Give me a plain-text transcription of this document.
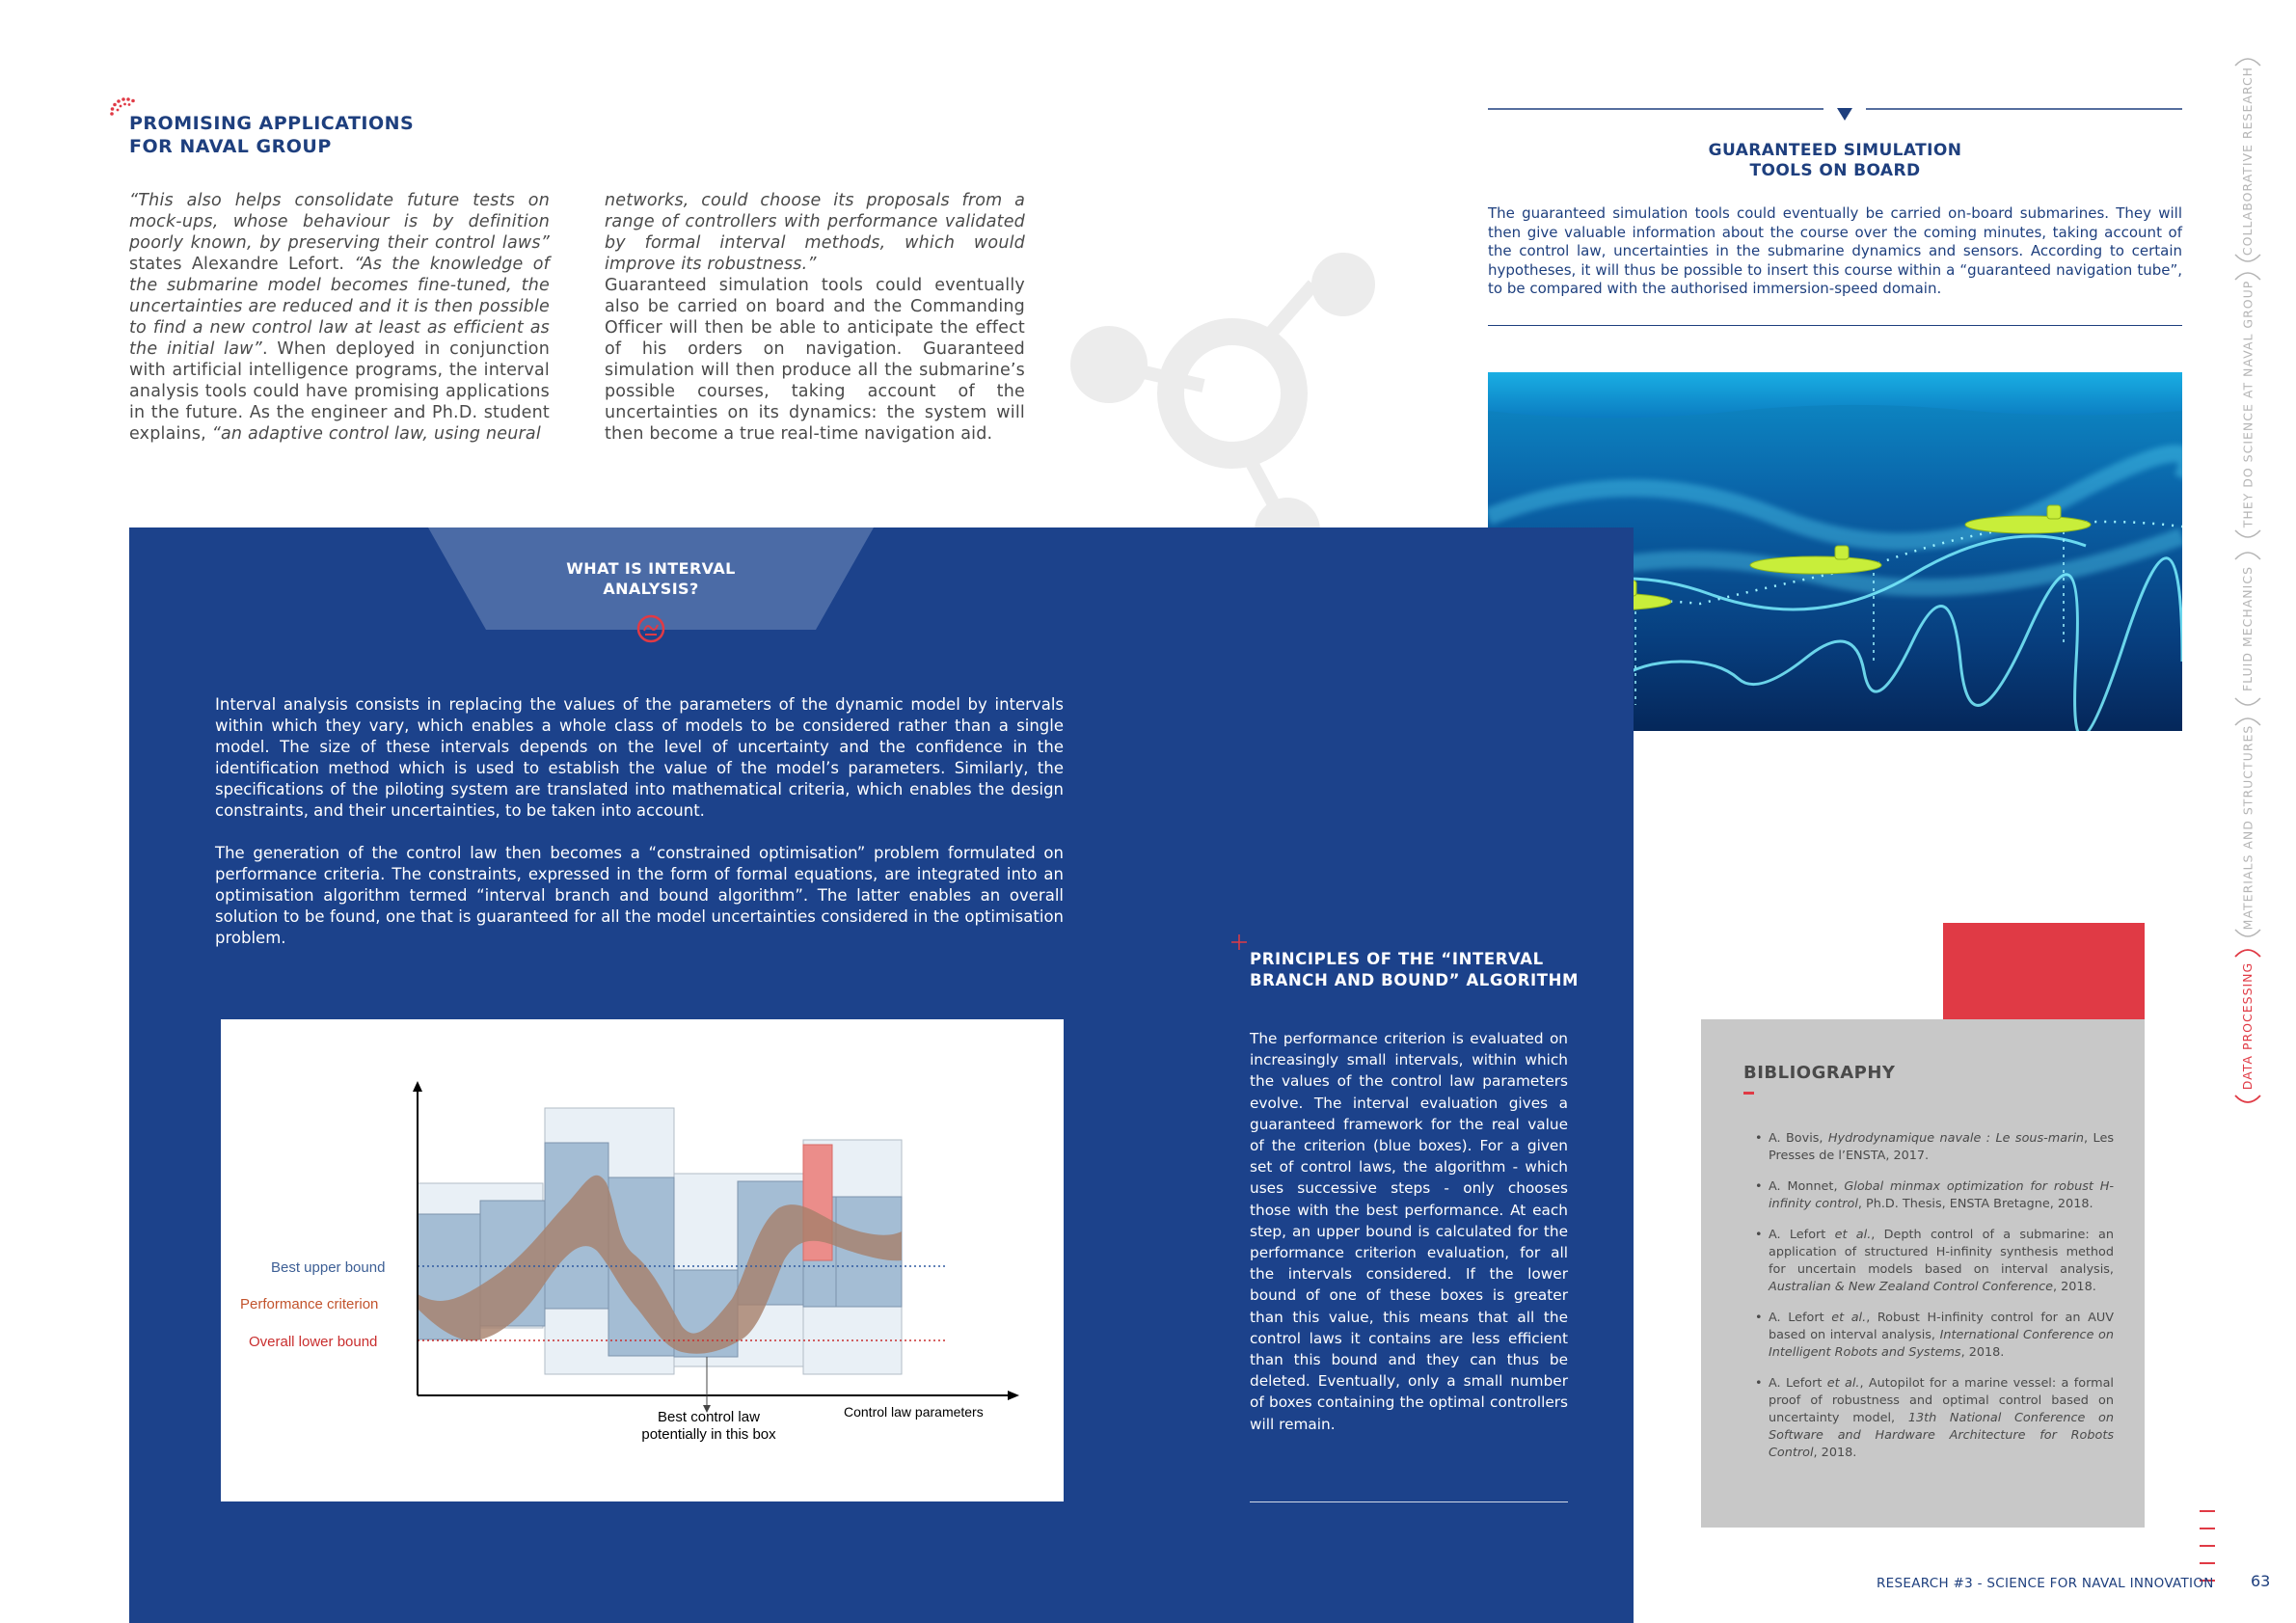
PROMISING APPLICATIONS
FOR NAVAL GROUP

“This also helps consolidate future tests on mock-ups, whose behaviour is by definition poorly known, by preserving their control laws” states Alexandre Lefort. “As the knowledge of the submarine model becomes fine-tuned, the uncertainties are reduced and it is then possible to find a new control law at least as efficient as the initial law”. When deployed in conjunction with artificial intelligence programs, the interval analysis tools could have promising applications in the future. As the engineer and Ph.D. student explains, “an adaptive control law, using neural

networks, could choose its proposals from a range of controllers with performance validated by formal interval methods, which would improve its robustness.”

Guaranteed simulation tools could eventually also be carried on board and the Commanding Officer will then be able to anticipate the effect of his orders on navigation. Guaranteed simulation will then produce all the submarine’s possible courses, taking account of the uncertainties on its dynamics: the system will then become a true real-time navigation aid.

GUARANTEED SIMULATION
TOOLS ON BOARD
The guaranteed simulation tools could eventually be carried on-board submarines. They will then give valuable information about the course over the coming minutes, taking account of the control law, uncertainties in the submarine dynamics and sensors. According to certain hypotheses, it will thus be possible to insert this course within a “guaranteed navigation tube”, to be compared with the authorised immersion-speed domain.
WHAT IS INTERVAL
ANALYSIS?

Interval analysis consists in replacing the values of the parameters of the dynamic model by intervals within which they vary, which enables a whole class of models to be considered rather than a single model. The size of these intervals depends on the level of uncertainty and the confidence in the identification method which is used to establish the value of the model’s parameters. Similarly, the specifications of the piloting system are translated into mathematical criteria, which enables the design constraints, and their uncertainties, to be taken into account.

The generation of the control law then becomes a “constrained optimisation” problem formulated on performance criteria. The constraints, expressed in the form of formal equations, are integrated into an optimisation algorithm termed “interval branch and bound algorithm”. The latter enables an overall solution to be found, one that is guaranteed for all the model uncertainties considered in the optimisation problem.

Best upper bound
Performance criterion
Overall lower bound
Best control law
potentially in this box
Control law parameters
PRINCIPLES OF THE “INTERVAL
BRANCH AND BOUND” ALGORITHM
The performance criterion is evaluated on increasingly small intervals, within which the values of the control law parameters evolve. The interval evaluation gives a guaranteed framework for the real value of the criterion (blue boxes). For a given set of control laws, the algorithm - which uses successive steps - only chooses those with the best performance. At each step, an upper bound is calculated for the performance criterion evaluation, for all the intervals considered. If the lower bound of one of these boxes is greater than this value, this means that all the control laws it contains are less efficient than this bound and they can thus be deleted. Eventually, only a small number of boxes containing the optimal controllers will remain.
BIBLIOGRAPHY
• A. Bovis, Hydrodynamique navale : Le sous-marin, Les Presses de l’ENSTA, 2017.
• A. Monnet, Global minmax optimization for robust H-infinity control, Ph.D. Thesis, ENSTA Bretagne, 2018.
• A. Lefort et al., Depth control of a submarine: an application of structured H-infinity synthesis method for uncertain models based on interval analysis, Australian & New Zealand Control Conference, 2018.
• A. Lefort et al., Robust H-infinity control for an AUV based on interval analysis, International Conference on Intelligent Robots and Systems, 2018.
• A. Lefort et al., Autopilot for a marine vessel: a formal proof of robustness and optimal control based on uncertainty model, 13th National Conference on Software and Hardware Architecture for Robots Control, 2018.
COLLABORATIVE RESEARCH
THEY DO SCIENCE AT NAVAL GROUP
FLUID MECHANICS
MATERIALS AND STRUCTURES
DATA PROCESSING
RESEARCH #3 - SCIENCE FOR NAVAL INNOVATION 63
